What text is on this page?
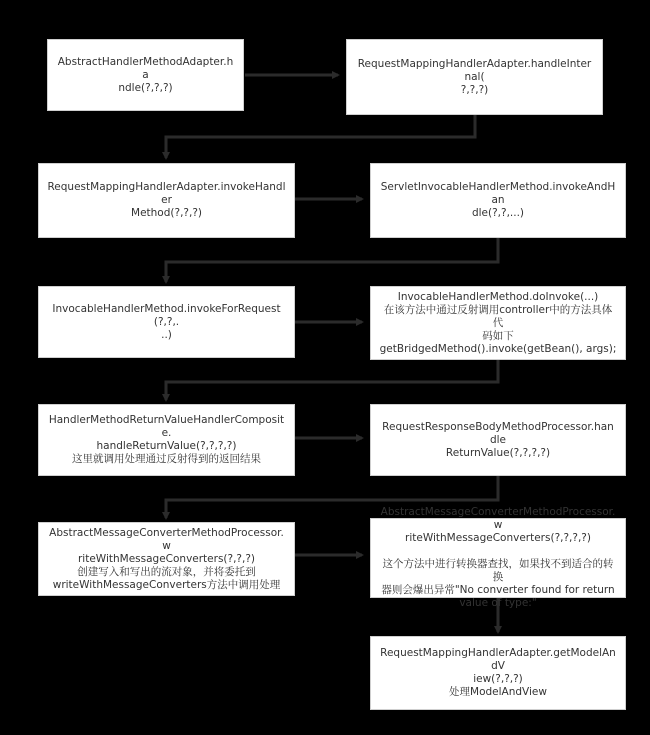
AbstractHandlerMethodAdapter.ha
ndle(?,?,?)
RequestMappingHandlerAdapter.handleInternal(
?,?,?)
RequestMappingHandlerAdapter.invokeHandler
Method(?,?,?)
ServletInvocableHandlerMethod.invokeAndHan
dle(?,?,...)
InvocableHandlerMethod.invokeForRequest(?,?,.
..)
InvocableHandlerMethod.doInvoke(...)
在该方法中通过反射调用controller中的方法具体代
码如下
getBridgedMethod().invoke(getBean(), args);
HandlerMethodReturnValueHandlerComposite.
handleReturnValue(?,?,?,?)
这里就调用处理通过反射得到的返回结果
RequestResponseBodyMethodProcessor.handle
ReturnValue(?,?,?,?)
AbstractMessageConverterMethodProcessor.w
riteWithMessageConverters(?,?,?)
创建写入和写出的流对象，并将委托到
writeWithMessageConverters方法中调用处理
AbstractMessageConverterMethodProcessor.w
riteWithMessageConverters(?,?,?,?)

这个方法中进行转换器查找，如果找不到适合的转换
器则会爆出异常"No converter found for return
value of type:"
RequestMappingHandlerAdapter.getModelAndV
iew(?,?,?)
处理ModelAndView
